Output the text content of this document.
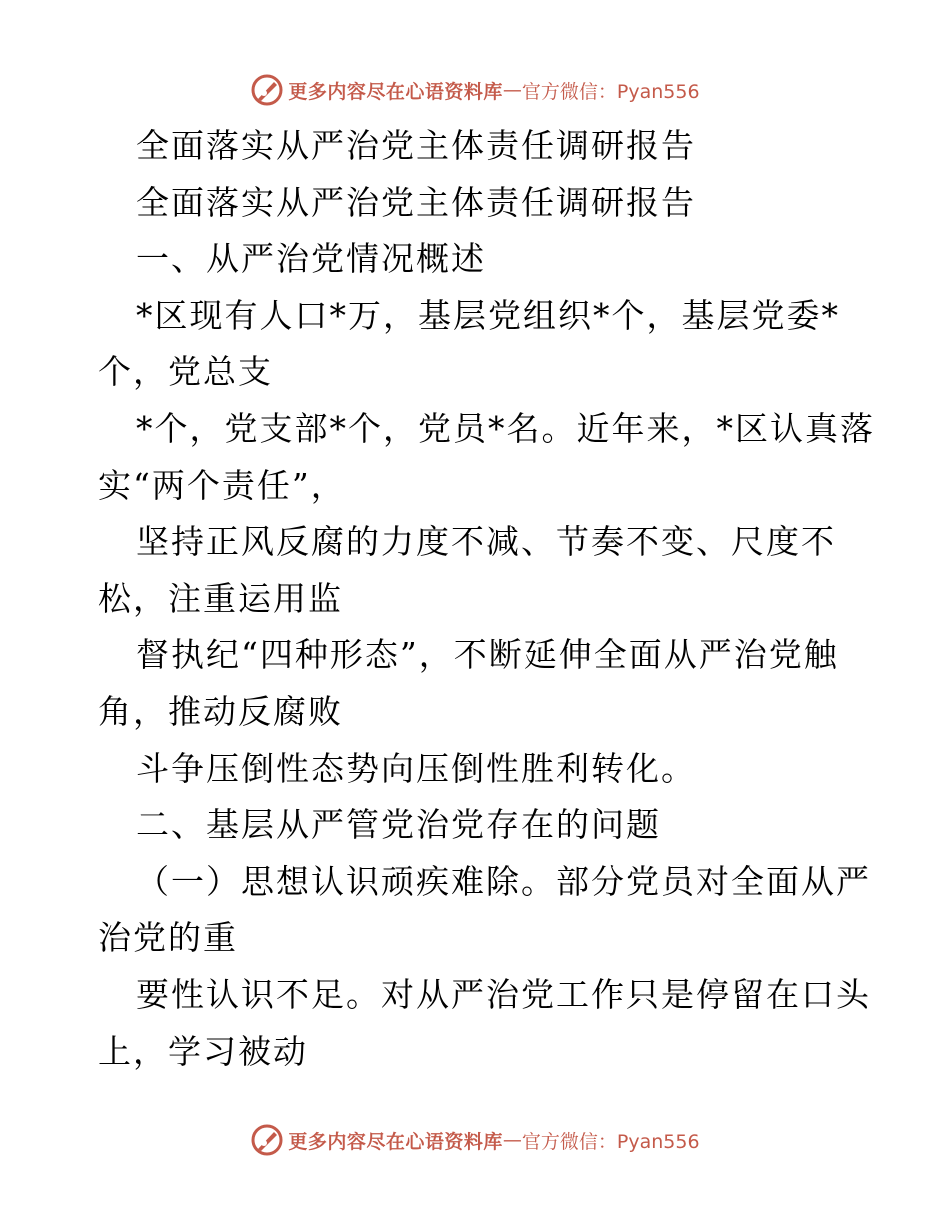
更多内容尽在心语资料库 — 官方微信：Pyan556
全面落实从严治党主体责任调研报告
全面落实从严治党主体责任调研报告
一、从严治党情况概述
*区现有人口*万，基层党组织*个，基层党委*
个，党总支
*个，党支部*个，党员*名。近年来，*区认真落
实“两个责任”，
坚持正风反腐的力度不减、节奏不变、尺度不
松，注重运用监
督执纪“四种形态”，不断延伸全面从严治党触
角，推动反腐败
斗争压倒性态势向压倒性胜利转化。
二、基层从严管党治党存在的问题
（一）思想认识顽疾难除。部分党员对全面从严
治党的重
要性认识不足。对从严治党工作只是停留在口头
上，学习被动
更多内容尽在心语资料库 — 官方微信：Pyan556
